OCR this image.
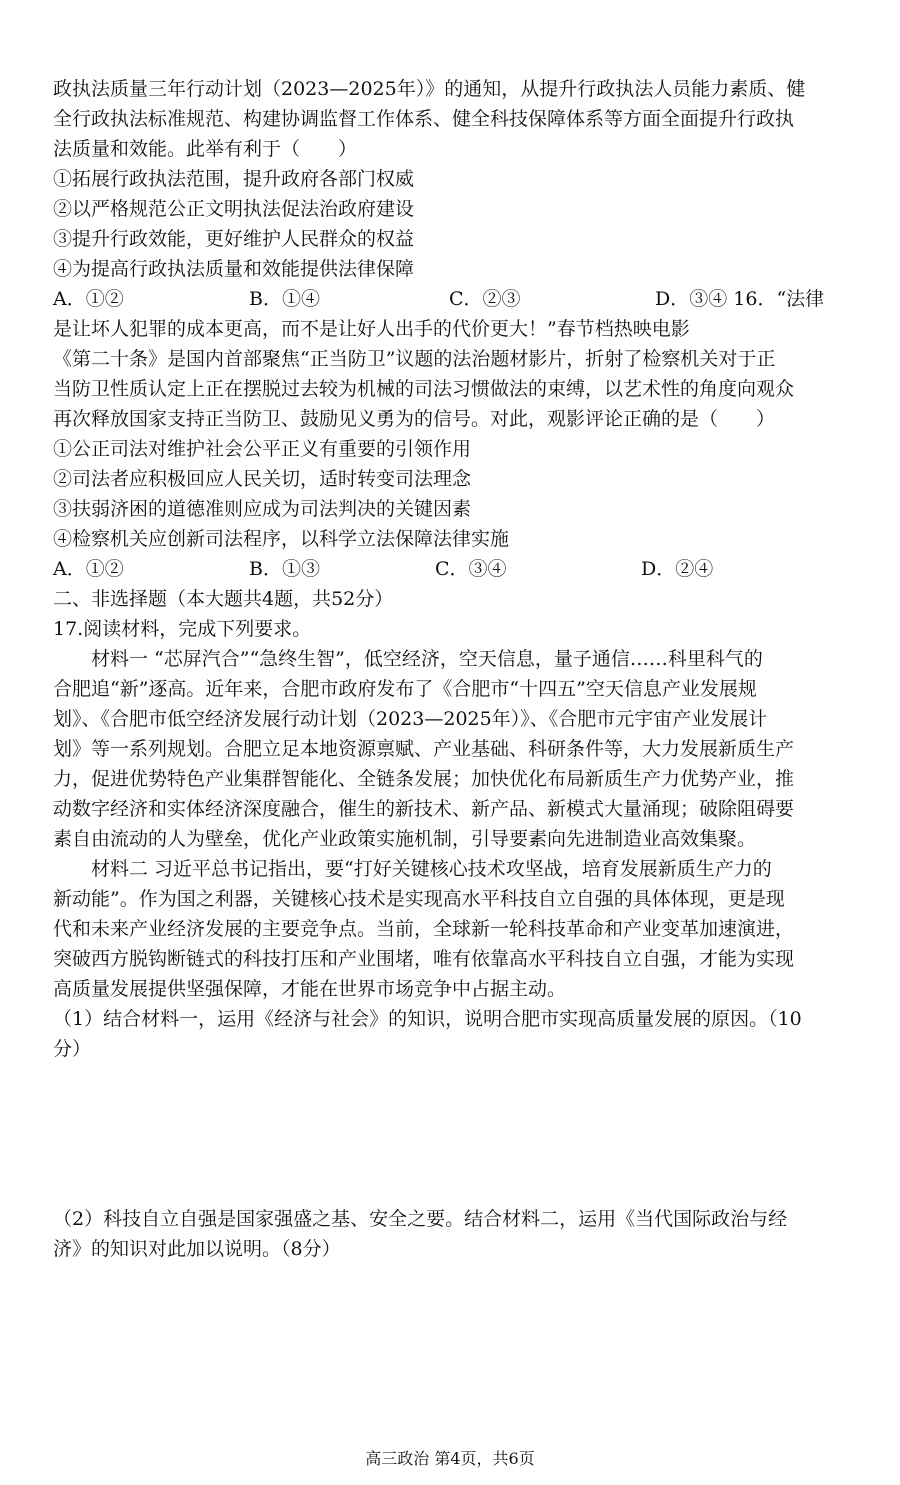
政执法质量三年行动计划（2023—2025年）》的通知，从提升行政执法人员能力素质、健
全行政执法标准规范、构建协调监督工作体系、健全科技保障体系等方面全面提升行政执
法质量和效能。此举有利于（　　）
①拓展行政执法范围，提升政府各部门权威
②以严格规范公正文明执法促法治政府建设
③提升行政效能，更好维护人民群众的权益
④为提高行政执法质量和效能提供法律保障
A．①②	B．①④	C．②③	D．③④ 16．“法律
是让坏人犯罪的成本更高，而不是让好人出手的代价更大！”春节档热映电影
《第二十条》是国内首部聚焦“正当防卫”议题的法治题材影片，折射了检察机关对于正
当防卫性质认定上正在摆脱过去较为机械的司法习惯做法的束缚，以艺术性的角度向观众
再次释放国家支持正当防卫、鼓励见义勇为的信号。对此，观影评论正确的是（　　）
①公正司法对维护社会公平正义有重要的引领作用
②司法者应积极回应人民关切，适时转变司法理念
③扶弱济困的道德准则应成为司法判决的关键因素
④检察机关应创新司法程序，以科学立法保障法律实施
A．①②	B．①③	C．③④	D．②④
二、非选择题（本大题共4题，共52分）
17.阅读材料，完成下列要求。
材料一 “芯屏汽合”“急终生智”，低空经济，空天信息，量子通信……科里科气的
合肥追“新”逐高。近年来，合肥市政府发布了《合肥市“十四五”空天信息产业发展规
划》、《合肥市低空经济发展行动计划（2023—2025年）》、《合肥市元宇宙产业发展计
划》等一系列规划。合肥立足本地资源禀赋、产业基础、科研条件等，大力发展新质生产
力，促进优势特色产业集群智能化、全链条发展；加快优化布局新质生产力优势产业，推
动数字经济和实体经济深度融合，催生的新技术、新产品、新模式大量涌现；破除阻碍要
素自由流动的人为壁垒，优化产业政策实施机制，引导要素向先进制造业高效集聚。
材料二 习近平总书记指出，要“打好关键核心技术攻坚战，培育发展新质生产力的
新动能”。作为国之利器，关键核心技术是实现高水平科技自立自强的具体体现，更是现
代和未来产业经济发展的主要竞争点。当前，全球新一轮科技革命和产业变革加速演进，
突破西方脱钩断链式的科技打压和产业围堵，唯有依靠高水平科技自立自强，才能为实现
高质量发展提供坚强保障，才能在世界市场竞争中占据主动。
（1）结合材料一，运用《经济与社会》的知识，说明合肥市实现高质量发展的原因。（10
分）
（2）科技自立自强是国家强盛之基、安全之要。结合材料二，运用《当代国际政治与经
济》的知识对此加以说明。（8分）
高三政治 第4页，共6页
